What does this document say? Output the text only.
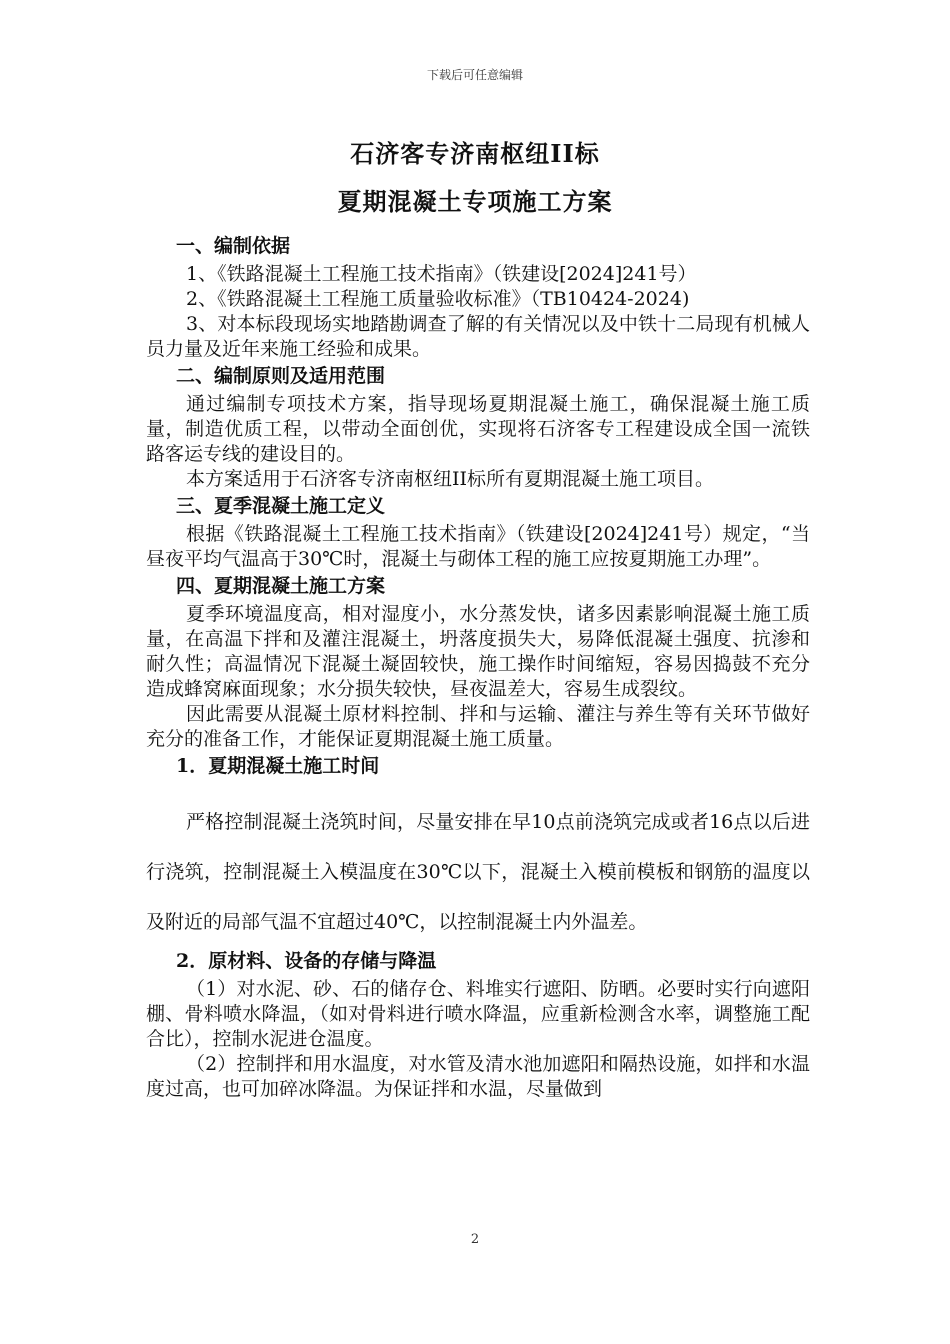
下载后可任意编辑
石济客专济南枢纽II标
夏期混凝土专项施工方案
一、编制依据

1、《铁路混凝土工程施工技术指南》（铁建设[2024]241号）

2、《铁路混凝土工程施工质量验收标准》（TB10424-2024)

3、对本标段现场实地踏勘调查了解的有关情况以及中铁十二局现有机械人员力量及近年来施工经验和成果。

二、编制原则及适用范围

通过编制专项技术方案，指导现场夏期混凝土施工，确保混凝土施工质量，制造优质工程，以带动全面创优，实现将石济客专工程建设成全国一流铁路客运专线的建设目的。

本方案适用于石济客专济南枢纽II标所有夏期混凝土施工项目。

三、夏季混凝土施工定义

根据《铁路混凝土工程施工技术指南》（铁建设[2024]241号）规定，“当昼夜平均气温高于30℃时，混凝土与砌体工程的施工应按夏期施工办理”。

四、夏期混凝土施工方案

夏季环境温度高，相对湿度小，水分蒸发快，诸多因素影响混凝土施工质量，在高温下拌和及灌注混凝土，坍落度损失大，易降低混凝土强度、抗渗和耐久性；高温情况下混凝土凝固较快，施工操作时间缩短，容易因捣鼓不充分造成蜂窝麻面现象；水分损失较快，昼夜温差大，容易生成裂纹。

因此需要从混凝土原材料控制、拌和与运输、灌注与养生等有关环节做好充分的准备工作，才能保证夏期混凝土施工质量。

1．夏期混凝土施工时间

严格控制混凝土浇筑时间，尽量安排在早10点前浇筑完成或者16点以后进行浇筑，控制混凝土入模温度在30℃以下，混凝土入模前模板和钢筋的温度以及附近的局部气温不宜超过40℃，以控制混凝土内外温差。

2．原材料、设备的存储与降温

（1）对水泥、砂、石的储存仓、料堆实行遮阳、防晒。必要时实行向遮阳棚、骨料喷水降温，（如对骨料进行喷水降温，应重新检测含水率，调整施工配合比），控制水泥进仓温度。

（2）控制拌和用水温度，对水管及清水池加遮阳和隔热设施，如拌和水温度过高，也可加碎冰降温。为保证拌和水温，尽量做到

2
